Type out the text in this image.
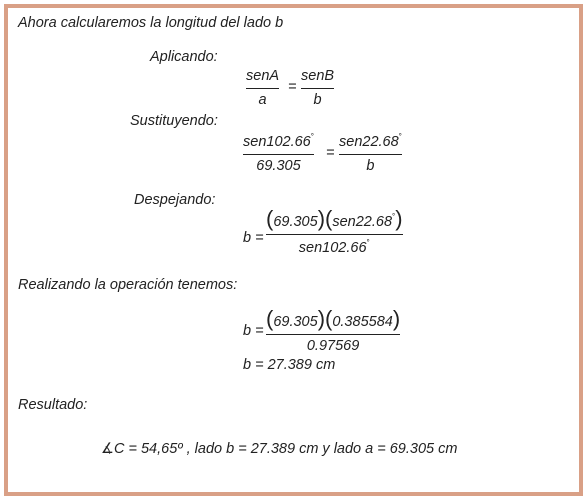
Ahora calcularemos la longitud del lado b
Aplicando:
senA
a
=
senB
b
Sustituyendo:
sen102.66°
69.305
=
sen22.68°
b
Despejando:
b =
(69.305)(sen22.68°)
sen102.66°
Realizando la operación tenemos:
b = (69.305)(0.385584)
0.97569
b = 27.389 cm
Resultado:
∡C = 54,65º , lado b = 27.389 cm y lado a = 69.305 cm
